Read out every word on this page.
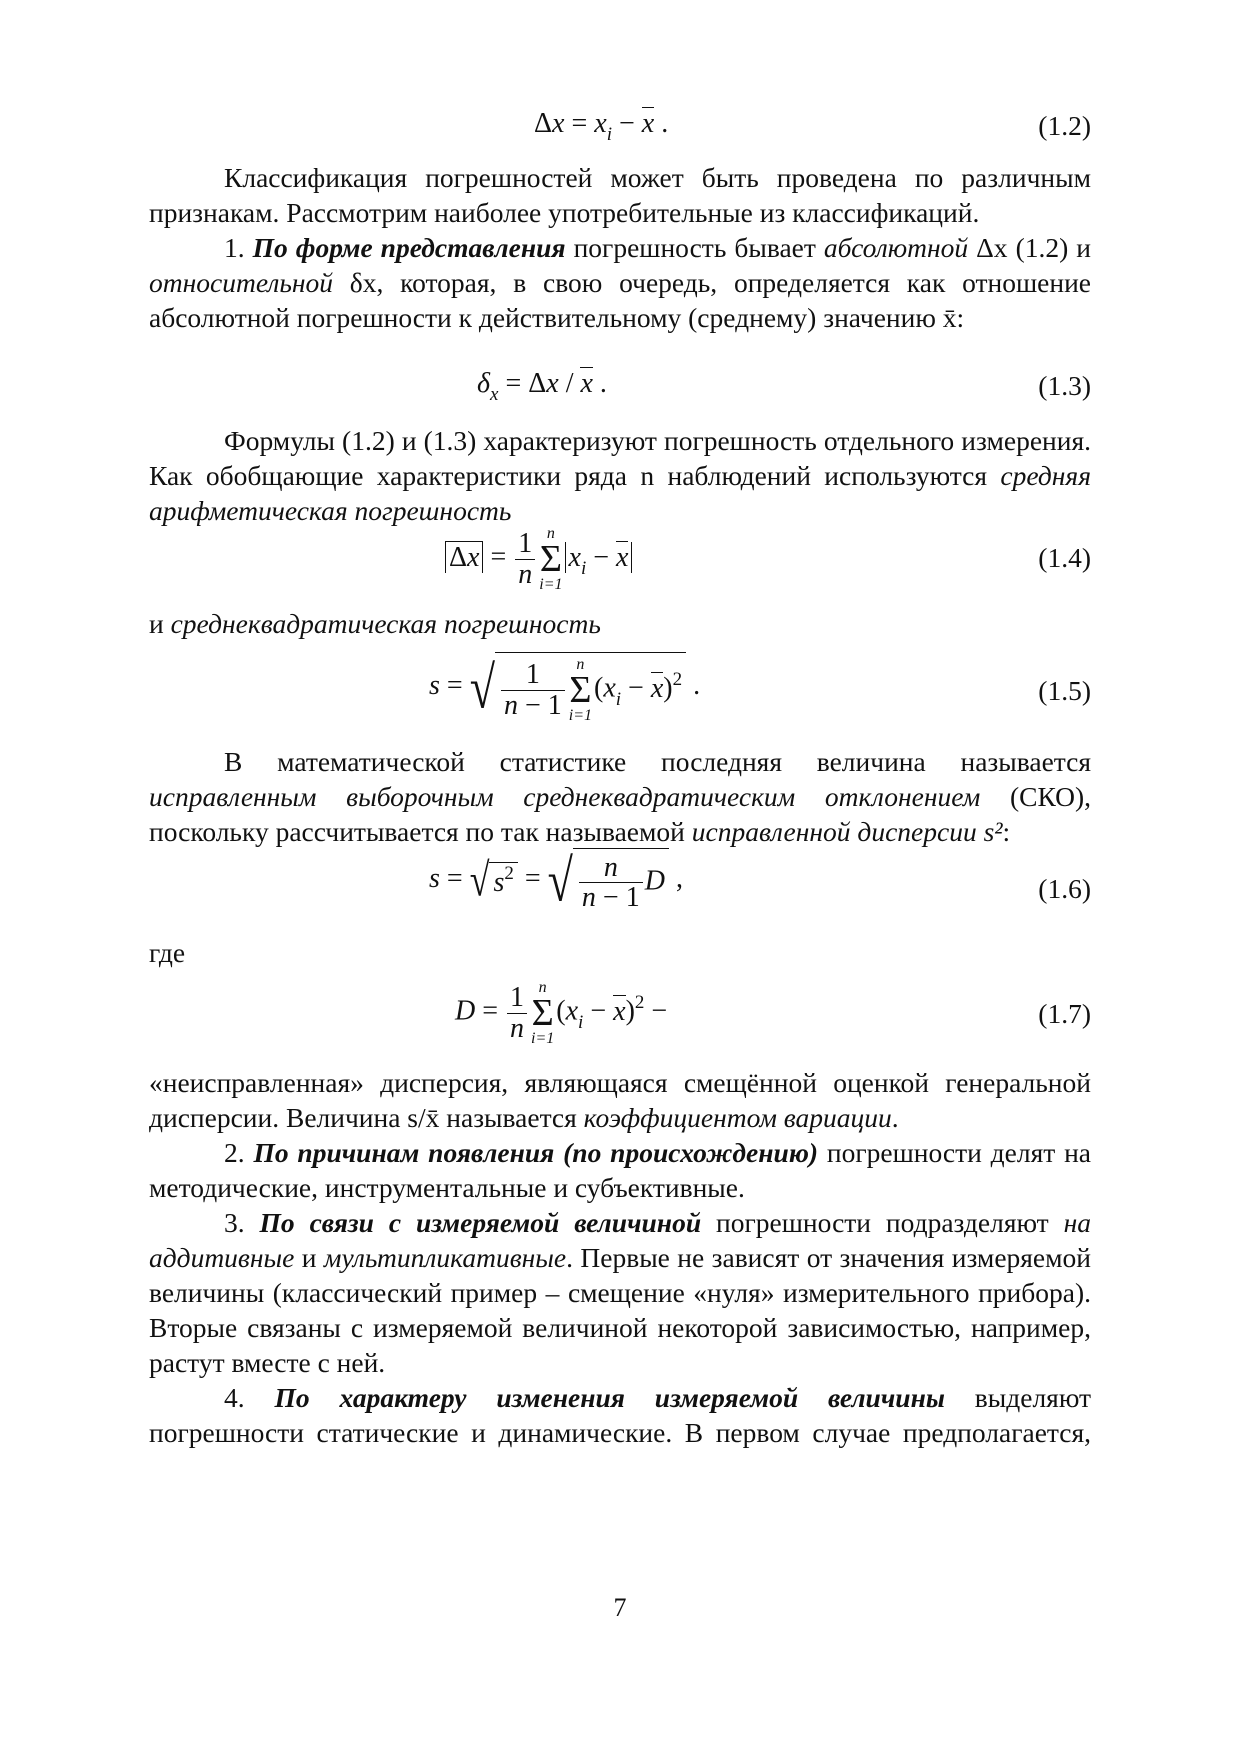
$\Delta x = x_i - x$ .	(1.2)

Классификация погрешностей может быть проведена по различным признакам. Рассмотрим наиболее употребительные из классификаций.

1. По форме представления погрешность бывает абсолютной Δx (1.2) и относительной δx, которая, в свою очередь, определяется как отношение абсолютной погрешности к действительному (среднему) значению x̄:

$\delta_x = \Delta x / x$ .	(1.3)

Формулы (1.2) и (1.3) характеризуют погрешность отдельного измерения. Как обобщающие характеристики ряда n наблюдений используются средняя арифметическая погрешность

$\Delta x = \frac{1}{n}$ n
Σ
i=1
$x_i - x$	(1.4)

и среднеквадратическая погрешность

s = √ $\frac{1}{n - 1}$ n
Σ
i=1
$(x_i - x)^2$ .	(1.5)

В математической статистике последняя величина называется исправленным выборочным среднеквадратическим отклонением (СКО), поскольку рассчитывается по так называемой исправленной дисперсии s²:

s = √ $s^2$ = √ $\frac{n}{n - 1}$ D ,	(1.6)

где

$D = \frac{1}{n}$ n
Σ
i=1
$(x_i - x)^2$ −	(1.7)

«неисправленная» дисперсия, являющаяся смещённой оценкой генеральной дисперсии. Величина s/x̄ называется коэффициентом вариации.

2. По причинам появления (по происхождению) погрешности делят на методические, инструментальные и субъективные.

3. По связи с измеряемой величиной погрешности подразделяют на аддитивные и мультипликативные. Первые не зависят от значения измеряемой величины (классический пример – смещение «нуля» измерительного прибора). Вторые связаны с измеряемой величиной некоторой зависимостью, например, растут вместе с ней.

4. По характеру изменения измеряемой величины выделяют погрешности статические и динамические. В первом случае предполагается,

7
